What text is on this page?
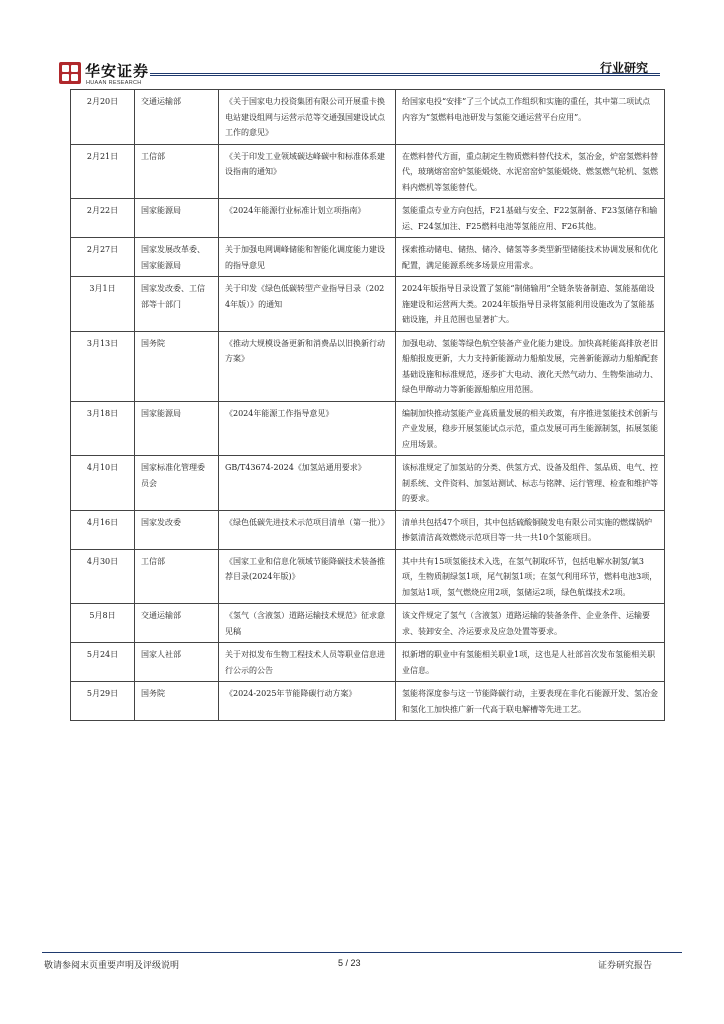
华安证券
HUAAN RESEARCH
行业研究
2月20日	交通运输部	《关于国家电力投资集团有限公司开展重卡换电站建设组网与运营示范等交通强国建设试点工作的意见》	给国家电投“安排”了三个试点工作组织和实施的重任，其中第二项试点内容为“氢燃料电池研发与氢能交通运营平台应用”。
2月21日	工信部	《关于印发工业领域碳达峰碳中和标准体系建设指南的通知》	在燃料替代方面，重点制定生物质燃料替代技术，氢冶金，炉窑氢燃料替代，玻璃熔窑窑炉氢能煅烧、水泥窑窑炉氢能煅烧、燃氢燃气轮机、氢燃料内燃机等氢能替代。
2月22日	国家能源局	《2024年能源行业标准计划立项指南》	氢能重点专业方向包括，F21基础与安全、F22氢制备、F23氢储存和输运、F24氢加注、F25燃料电池等氢能应用、F26其他。
2月27日	国家发展改革委、国家能源局	关于加强电网调峰储能和智能化调度能力建设的指导意见	探索推动储电、储热、储冷、储氢等多类型新型储能技术协调发展和优化配置，满足能源系统多场景应用需求。
3月1日	国家发改委、工信部等十部门	关于印发《绿色低碳转型产业指导目录（2024年版）》的通知	2024年版指导目录设置了氢能“制储输用”全链条装备制造、氢能基础设施建设和运营两大类。2024年版指导目录将氢能利用设施改为了氢能基础设施，并且范围也显著扩大。
3月13日	国务院	《推动大规模设备更新和消费品以旧换新行动方案》	加强电动、氢能等绿色航空装备产业化能力建设。加快高耗能高排放老旧船舶报废更新，大力支持新能源动力船舶发展，完善新能源动力船舶配套基础设施和标准规范，逐步扩大电动、液化天然气动力、生物柴油动力、绿色甲醇动力等新能源船舶应用范围。
3月18日	国家能源局	《2024年能源工作指导意见》	编制加快推动氢能产业高质量发展的相关政策，有序推进氢能技术创新与产业发展，稳步开展氢能试点示范，重点发展可再生能源制氢，拓展氢能应用场景。
4月10日	国家标准化管理委员会	GB/T43674-2024《加氢站通用要求》	该标准规定了加氢站的分类、供氢方式、设备及组件、氢品质、电气、控制系统、文件资料、加氢站测试、标志与铭牌、运行管理、检查和维护等的要求。
4月16日	国家发改委	《绿色低碳先进技术示范项目清单（第一批）》	清单共包括47个项目，其中包括硫酸铜陵发电有限公司实施的燃煤锅炉掺氨清洁高效燃烧示范项目等一共一共10个氢能项目。
4月30日	工信部	《国家工业和信息化领域节能降碳技术装备推荐目录(2024年版)》	其中共有15项氢能技术入选，在氢气制取环节，包括电解水制氢/氧3项，生物质制绿氢1项，尾气制氢1项；在氢气利用环节，燃料电池3项，加氢站1项，氢气燃烧应用2项，氢储运2项，绿色航煤技术2项。
5月8日	交通运输部	《氢气（含液氢）道路运输技术规范》征求意见稿	该文件规定了氢气（含液氢）道路运输的装备条件、企业条件、运输要求、装卸安全、冷运要求及应急处置等要求。
5月24日	国家人社部	关于对拟发布生物工程技术人员等职业信息进行公示的公告	拟新增的职业中有氢能相关职业1项，这也是人社部首次发布氢能相关职业信息。
5月29日	国务院	《2024-2025年节能降碳行动方案》	氢能将深度参与这一节能降碳行动，主要表现在非化石能源开发、氢冶金和氢化工加快推广新一代高于联电解槽等先进工艺。
敬请参阅末页重要声明及评级说明	5 / 23	证券研究报告
